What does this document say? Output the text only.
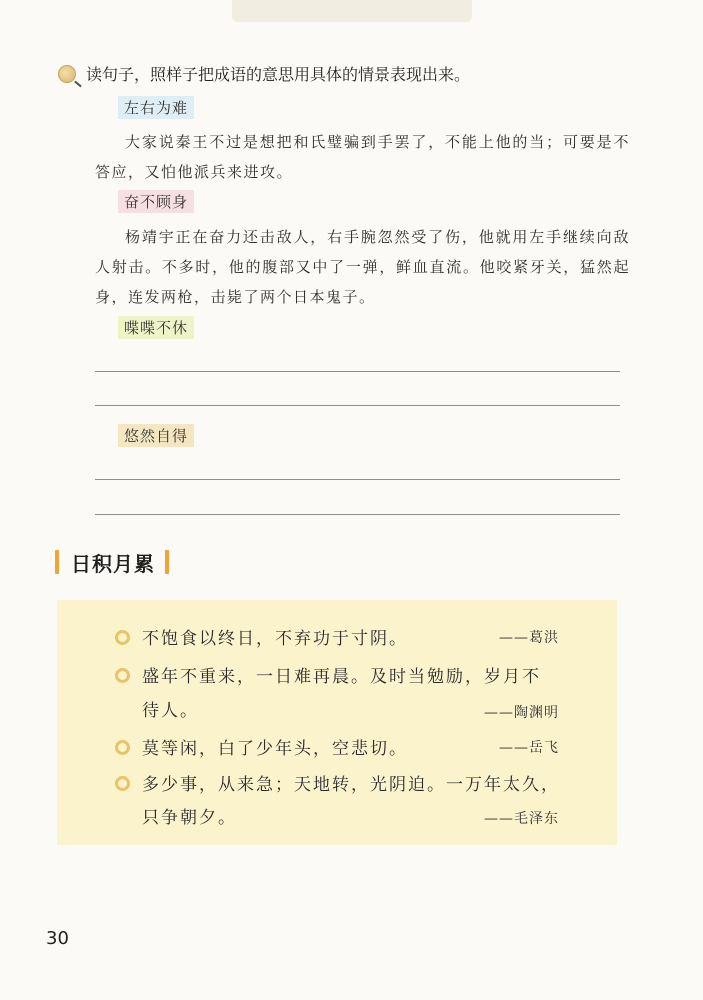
读句子，照样子把成语的意思用具体的情景表现出来。
左右为难
大家说秦王不过是想把和氏璧骗到手罢了，不能上他的当；可要是不答应，又怕他派兵来进攻。
奋不顾身
杨靖宇正在奋力还击敌人，右手腕忽然受了伤，他就用左手继续向敌人射击。不多时，他的腹部又中了一弹，鲜血直流。他咬紧牙关，猛然起身，连发两枪，击毙了两个日本鬼子。
喋喋不休
悠然自得
日积月累
不饱食以终日，不弃功于寸阴。	——葛洪
盛年不重来，一日难再晨。及时当勉励，岁月不
待人。	——陶渊明
莫等闲，白了少年头，空悲切。	——岳飞
多少事，从来急；天地转，光阴迫。一万年太久，
只争朝夕。	——毛泽东
30
